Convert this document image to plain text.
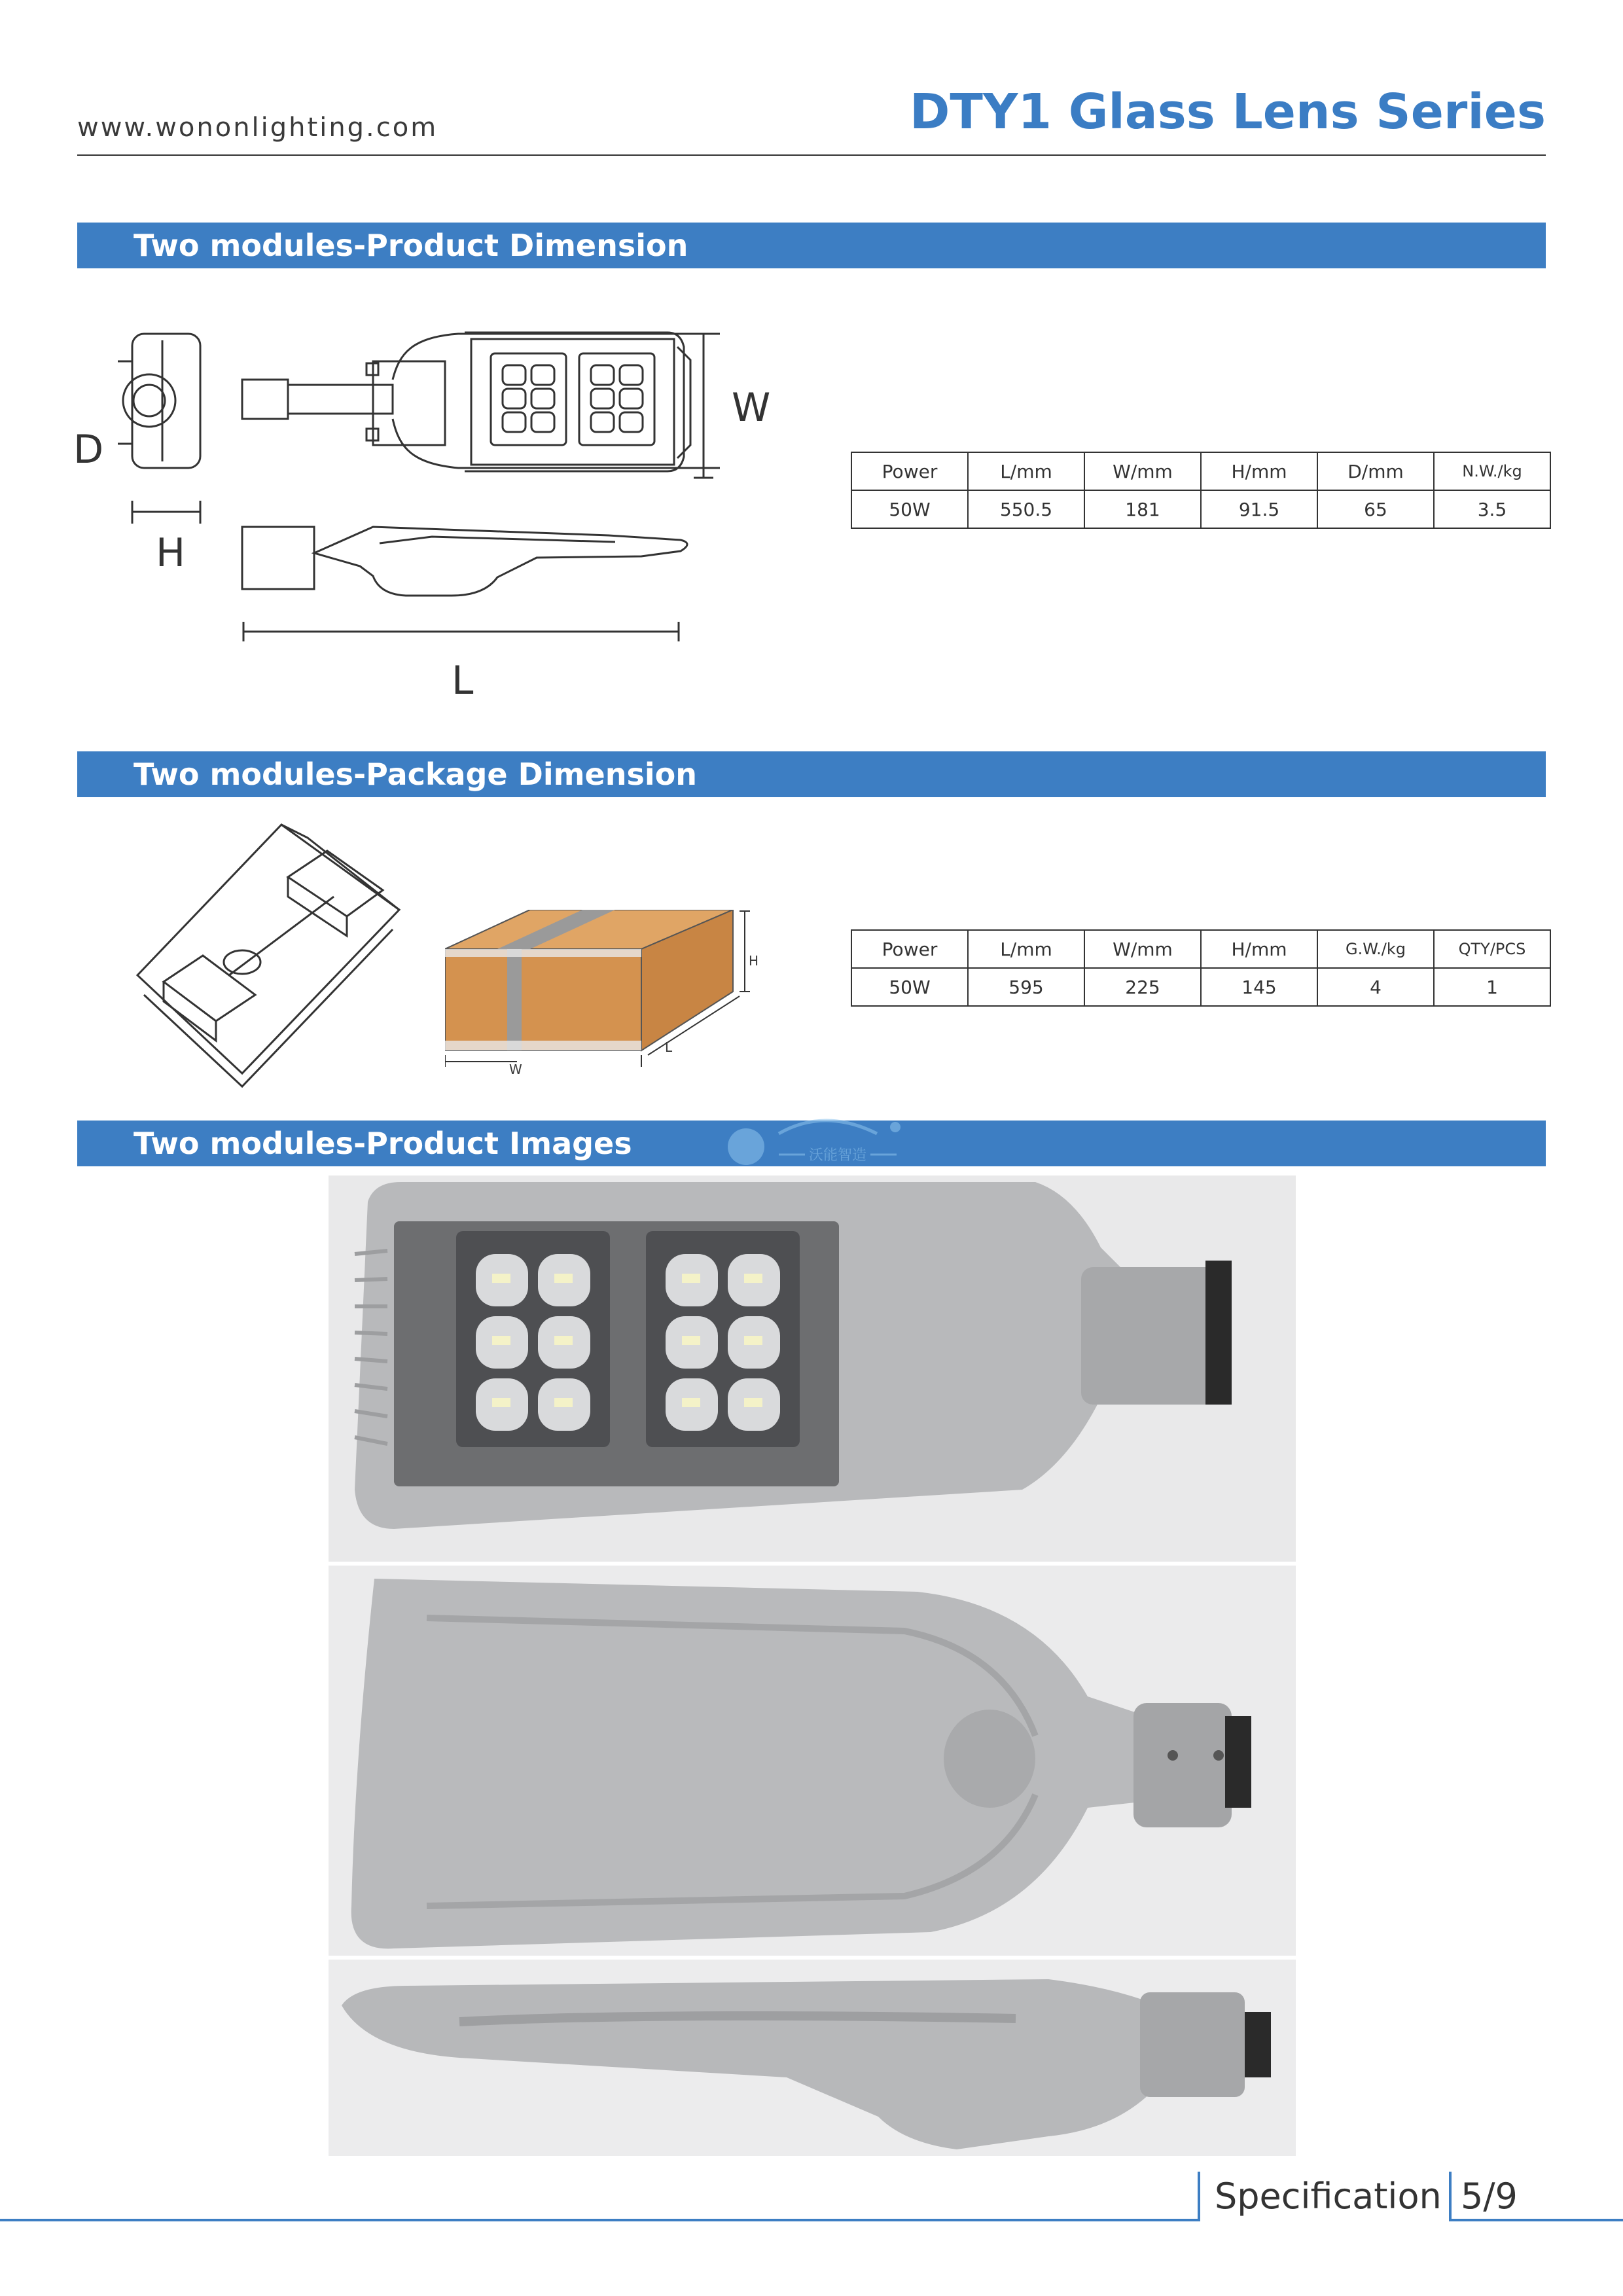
www.wononlighting.com	DTY1 Glass Lens Series
Two modules-Product Dimension
D
H
W
L
Power	L/mm	W/mm	H/mm	D/mm	N.W./kg
50W	550.5	181	91.5	65	3.5
Two modules-Package Dimension
H
L
W
Power	L/mm	W/mm	H/mm	G.W./kg	QTY/PCS
50W	595	225	145	4	1
Two modules-Product Images	沃能智造
Specification 5/9
